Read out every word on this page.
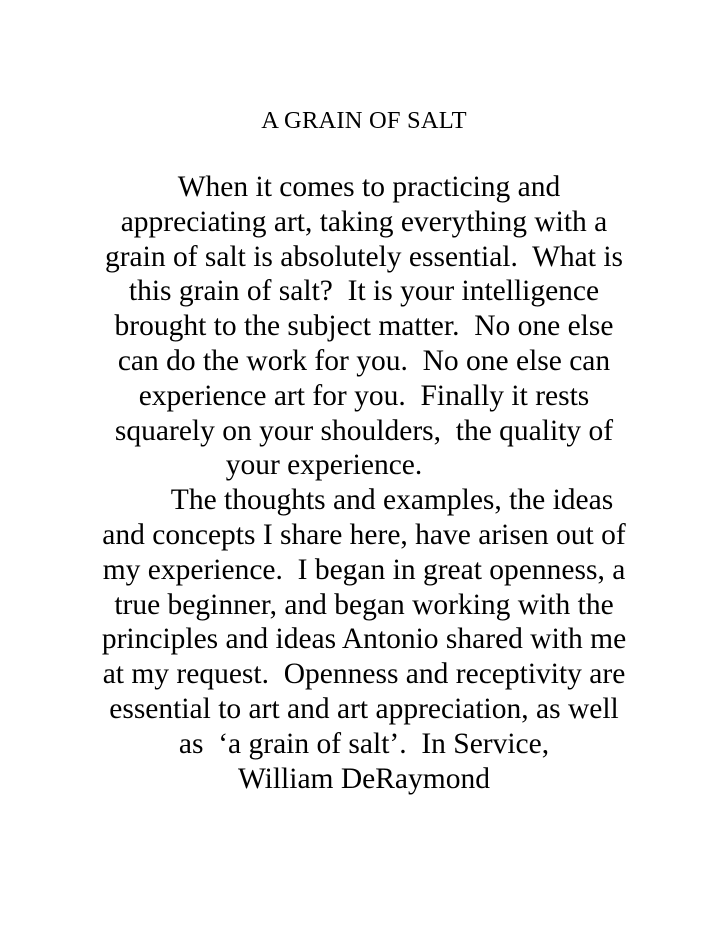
A GRAIN OF SALT
When it comes to practicing and
appreciating art, taking everything with a
grain of salt is absolutely essential.  What is
this grain of salt?  It is your intelligence
brought to the subject matter.  No one else
can do the work for you.  No one else can
experience art for you.  Finally it rests
squarely on your shoulders,  the quality of
your experience.
The thoughts and examples, the ideas
and concepts I share here, have arisen out of
my experience.  I began in great openness, a
true beginner, and began working with the
principles and ideas Antonio shared with me
at my request.  Openness and receptivity are
essential to art and art appreciation, as well
as  ‘a grain of salt’.  In Service,
William DeRaymond
